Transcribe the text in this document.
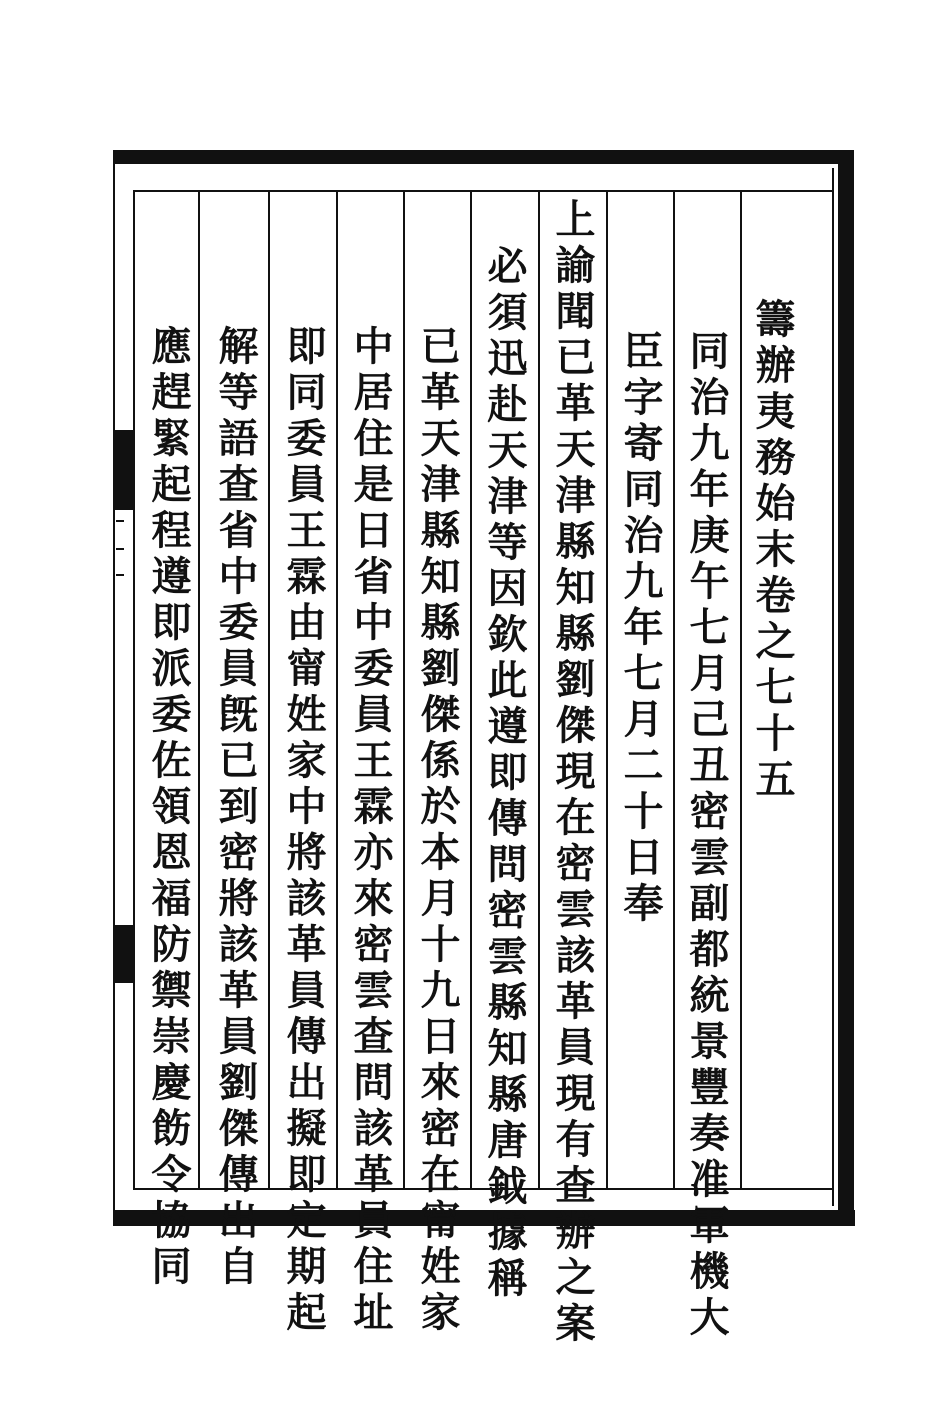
籌辦夷務始末卷之七十五
同治九年庚午七月己丑密雲副都統景豐奏准軍機大
臣字寄同治九年七月二十日奉
上諭聞已革天津縣知縣劉傑現在密雲該革員現有查辦之案
必須迅赴天津等因欽此遵即傳問密雲縣知縣唐鉞據稱
已革天津縣知縣劉傑係於本月十九日來密在甯姓家
中居住是日省中委員王霖亦來密雲查問該革員住址
即同委員王霖由甯姓家中將該革員傳出擬即定期起
解等語查省中委員旣已到密將該革員劉傑傳出自
應趕緊起程遵即派委佐領恩福防禦崇慶飭令協同
